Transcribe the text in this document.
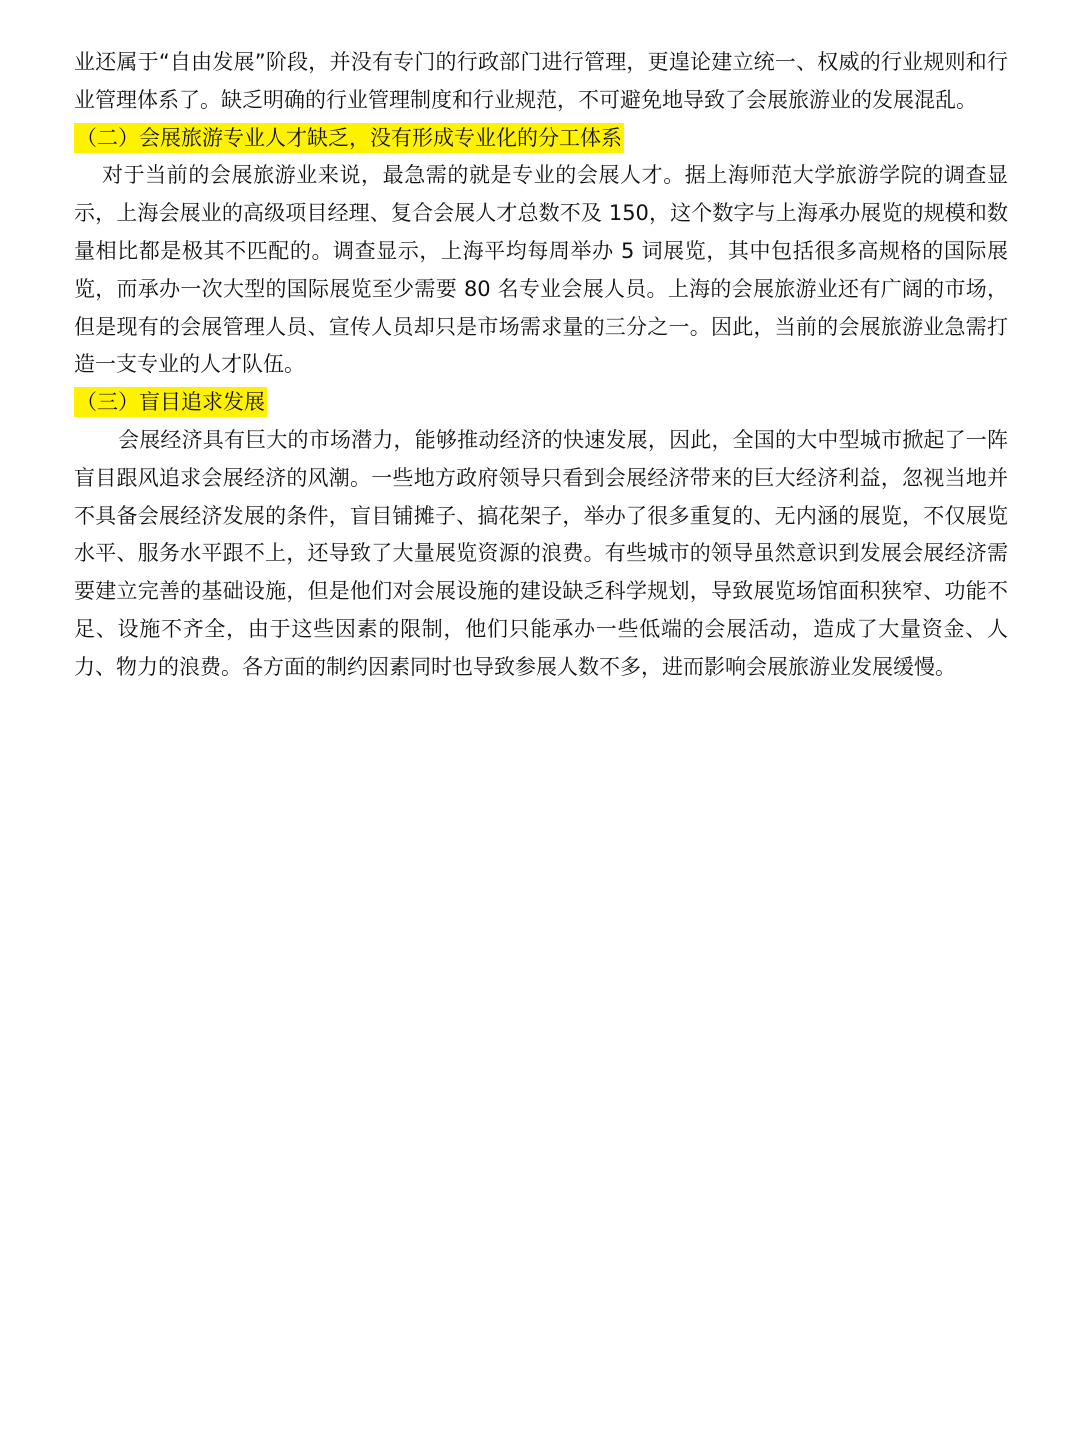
业还属于“自由发展”阶段，并没有专门的行政部门进行管理，更遑论建立统一、权威的行业规则和行业管理体系了。缺乏明确的行业管理制度和行业规范，不可避免地导致了会展旅游业的发展混乱。

（二）会展旅游专业人才缺乏，没有形成专业化的分工体系

对于当前的会展旅游业来说，最急需的就是专业的会展人才。据上海师范大学旅游学院的调查显示，上海会展业的高级项目经理、复合会展人才总数不及 150，这个数字与上海承办展览的规模和数量相比都是极其不匹配的。调查显示，上海平均每周举办 5 词展览，其中包括很多高规格的国际展览，而承办一次大型的国际展览至少需要 80 名专业会展人员。上海的会展旅游业还有广阔的市场，但是现有的会展管理人员、宣传人员却只是市场需求量的三分之一。因此，当前的会展旅游业急需打造一支专业的人才队伍。

（三）盲目追求发展

会展经济具有巨大的市场潜力，能够推动经济的快速发展，因此，全国的大中型城市掀起了一阵盲目跟风追求会展经济的风潮。一些地方政府领导只看到会展经济带来的巨大经济利益，忽视当地并不具备会展经济发展的条件，盲目铺摊子、搞花架子，举办了很多重复的、无内涵的展览，不仅展览水平、服务水平跟不上，还导致了大量展览资源的浪费。有些城市的领导虽然意识到发展会展经济需要建立完善的基础设施，但是他们对会展设施的建设缺乏科学规划，导致展览场馆面积狭窄、功能不足、设施不齐全，由于这些因素的限制，他们只能承办一些低端的会展活动，造成了大量资金、人力、物力的浪费。各方面的制约因素同时也导致参展人数不多，进而影响会展旅游业发展缓慢。
